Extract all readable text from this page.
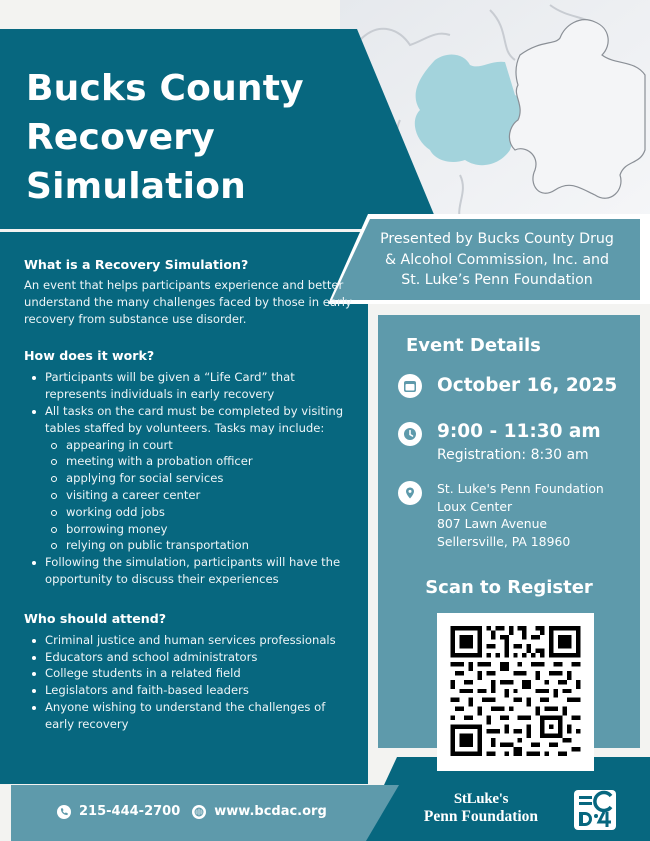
Bucks County
Recovery
Simulation
Presented by Bucks County Drug
& Alcohol Commission, Inc. and
St. Luke’s Penn Foundation
What is a Recovery Simulation?

An event that helps participants experience and better understand the many challenges faced by those in early recovery from substance use disorder.

How does it work?
Participants will be given a “Life Card” that represents individuals in early recovery
All tasks on the card must be completed by visiting tables staffed by volunteers. Tasks may include:
appearing in court
meeting with a probation officer
applying for social services
visiting a career center
working odd jobs
borrowing money
relying on public transportation
Following the simulation, participants will have the opportunity to discuss their experiences
Who should attend?
Criminal justice and human services professionals
Educators and school administrators
College students in a related field
Legislators and faith-based leaders
Anyone wishing to understand the challenges of early recovery
Event Details
October 16, 2025
9:00 - 11:30 am
Registration: 8:30 am
St. Luke's Penn Foundation
Loux Center
807 Lawn Avenue
Sellersville, PA 18960
Scan to Register
215-444-2700	www.bcdac.org
StLuke's
Penn Foundation
